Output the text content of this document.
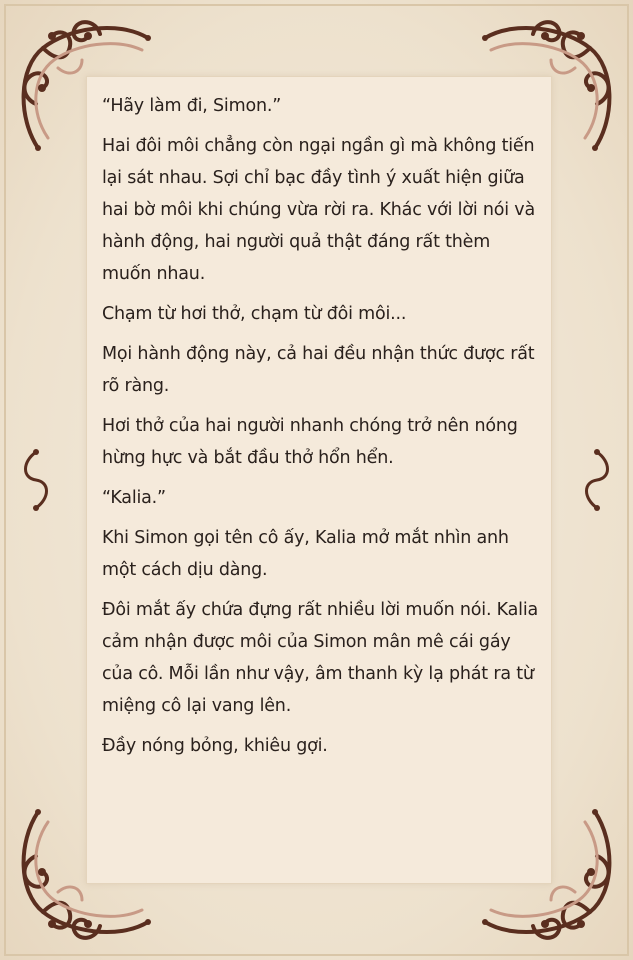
“Hãy làm đi, Simon.”

Hai đôi môi chẳng còn ngại ngần gì mà không tiến lại sát nhau. Sợi chỉ bạc đầy tình ý xuất hiện giữa hai bờ môi khi chúng vừa rời ra. Khác với lời nói và hành động, hai người quả thật đáng rất thèm muốn nhau.

Chạm từ hơi thở, chạm từ đôi môi...

Mọi hành động này, cả hai đều nhận thức được rất rõ ràng.

Hơi thở của hai người nhanh chóng trở nên nóng hừng hực và bắt đầu thở hổn hển.

“Kalia.”

Khi Simon gọi tên cô ấy, Kalia mở mắt nhìn anh một cách dịu dàng.

Đôi mắt ấy chứa đựng rất nhiều lời muốn nói. Kalia cảm nhận được môi của Simon mân mê cái gáy của cô. Mỗi lần như vậy, âm thanh kỳ lạ phát ra từ miệng cô lại vang lên.

Đầy nóng bỏng, khiêu gợi.
